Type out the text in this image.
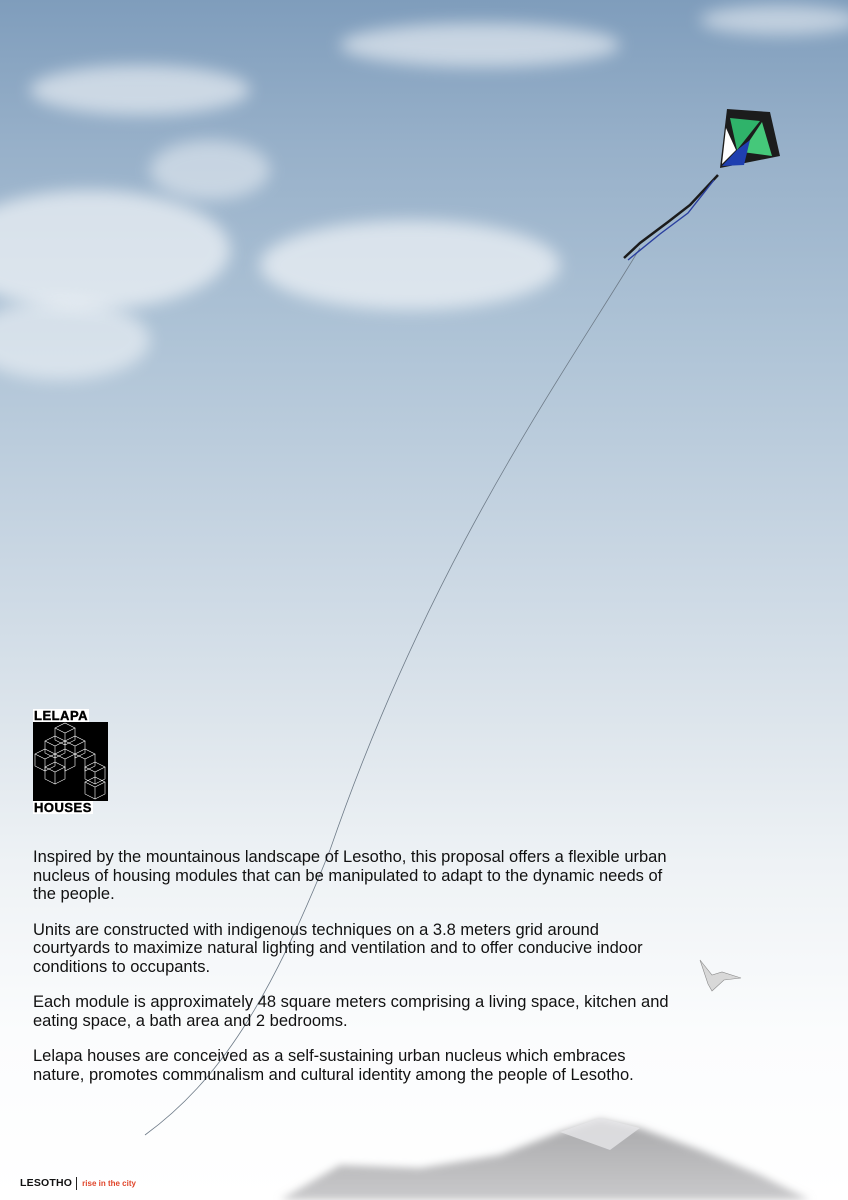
LELAPA
HOUSES

Inspired by the mountainous landscape of Lesotho, this proposal offers a flexible urban nucleus of housing modules that can be manipulated to adapt to the dynamic needs of the people.

Units are constructed with indigenous techniques on a 3.8 meters grid around courtyards to maximize natural lighting and ventilation and to offer conducive indoor conditions to occupants.

Each module is approximately 48 square meters comprising a living space, kitchen and eating space, a bath area and 2 bedrooms.

Lelapa houses are conceived as a self-sustaining urban nucleus which embraces nature, promotes communalism and cultural identity among the people of Lesotho.

LESOTHO rise in the city
